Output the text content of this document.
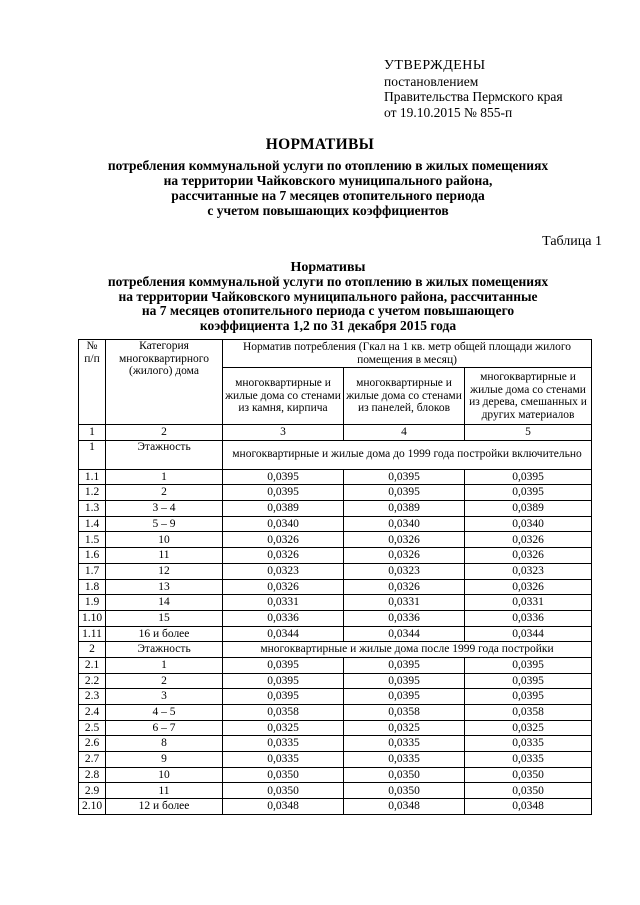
УТВЕРЖДЕНЫ
постановлением
Правительства Пермского края
от 19.10.2015 № 855-п
НОРМАТИВЫ
потребления коммунальной услуги по отоплению в жилых помещениях
на территории Чайковского муниципального района,
рассчитанные на 7 месяцев отопительного периода
с учетом повышающих коэффициентов
Таблица 1
Нормативы
потребления коммунальной услуги по отоплению в жилых помещениях
на территории Чайковского муниципального района, рассчитанные
на 7 месяцев отопительного периода с учетом повышающего
коэффициента 1,2 по 31 декабря 2015 года
№ п/п	Категория многоквартирного (жилого) дома	Норматив потребления (Гкал на 1 кв. метр общей площади жилого помещения в месяц)		
		многоквартирные и жилые дома со стенами из камня, кирпича	многоквартирные и жилые дома со стенами из панелей, блоков	многоквартирные и жилые дома со стенами из дерева, смешанных и других материалов
1	2	3	4	5
1	Этажность	многоквартирные и жилые дома до 1999 года постройки включительно		
1.1	1	0,0395	0,0395	0,0395
1.2	2	0,0395	0,0395	0,0395
1.3	3 – 4	0,0389	0,0389	0,0389
1.4	5 – 9	0,0340	0,0340	0,0340
1.5	10	0,0326	0,0326	0,0326
1.6	11	0,0326	0,0326	0,0326
1.7	12	0,0323	0,0323	0,0323
1.8	13	0,0326	0,0326	0,0326
1.9	14	0,0331	0,0331	0,0331
1.10	15	0,0336	0,0336	0,0336
1.11	16 и более	0,0344	0,0344	0,0344
2	Этажность	многоквартирные и жилые дома после 1999 года постройки		
2.1	1	0,0395	0,0395	0,0395
2.2	2	0,0395	0,0395	0,0395
2.3	3	0,0395	0,0395	0,0395
2.4	4 – 5	0,0358	0,0358	0,0358
2.5	6 – 7	0,0325	0,0325	0,0325
2.6	8	0,0335	0,0335	0,0335
2.7	9	0,0335	0,0335	0,0335
2.8	10	0,0350	0,0350	0,0350
2.9	11	0,0350	0,0350	0,0350
2.10	12 и более	0,0348	0,0348	0,0348
